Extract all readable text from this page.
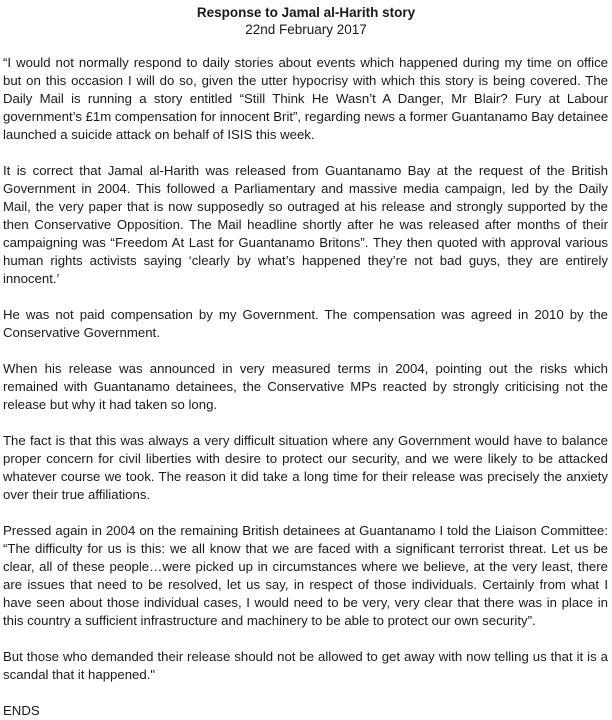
Response to Jamal al-Harith story
22nd February 2017
“I would not normally respond to daily stories about events which happened during my time on office
but on this occasion I will do so, given the utter hypocrisy with which this story is being covered. The
Daily Mail is running a story entitled “Still Think He Wasn’t A Danger, Mr Blair? Fury at Labour
government’s £1m compensation for innocent Brit”, regarding news a former Guantanamo Bay detainee
launched a suicide attack on behalf of ISIS this week.
It is correct that Jamal al-Harith was released from Guantanamo Bay at the request of the British
Government in 2004. This followed a Parliamentary and massive media campaign, led by the Daily
Mail, the very paper that is now supposedly so outraged at his release and strongly supported by the
then Conservative Opposition. The Mail headline shortly after he was released after months of their
campaigning was “Freedom At Last for Guantanamo Britons”. They then quoted with approval various
human rights activists saying ‘clearly by what’s happened they’re not bad guys, they are entirely
innocent.’
He was not paid compensation by my Government. The compensation was agreed in 2010 by the
Conservative Government.
When his release was announced in very measured terms in 2004, pointing out the risks which
remained with Guantanamo detainees, the Conservative MPs reacted by strongly criticising not the
release but why it had taken so long.
The fact is that this was always a very difficult situation where any Government would have to balance
proper concern for civil liberties with desire to protect our security, and we were likely to be attacked
whatever course we took. The reason it did take a long time for their release was precisely the anxiety
over their true affiliations.
Pressed again in 2004 on the remaining British detainees at Guantanamo I told the Liaison Committee:
“The difficulty for us is this: we all know that we are faced with a significant terrorist threat. Let us be
clear, all of these people…were picked up in circumstances where we believe, at the very least, there
are issues that need to be resolved, let us say, in respect of those individuals. Certainly from what I
have seen about those individual cases, I would need to be very, very clear that there was in place in
this country a sufficient infrastructure and machinery to be able to protect our own security”.
But those who demanded their release should not be allowed to get away with now telling us that it is a
scandal that it happened."
ENDS
